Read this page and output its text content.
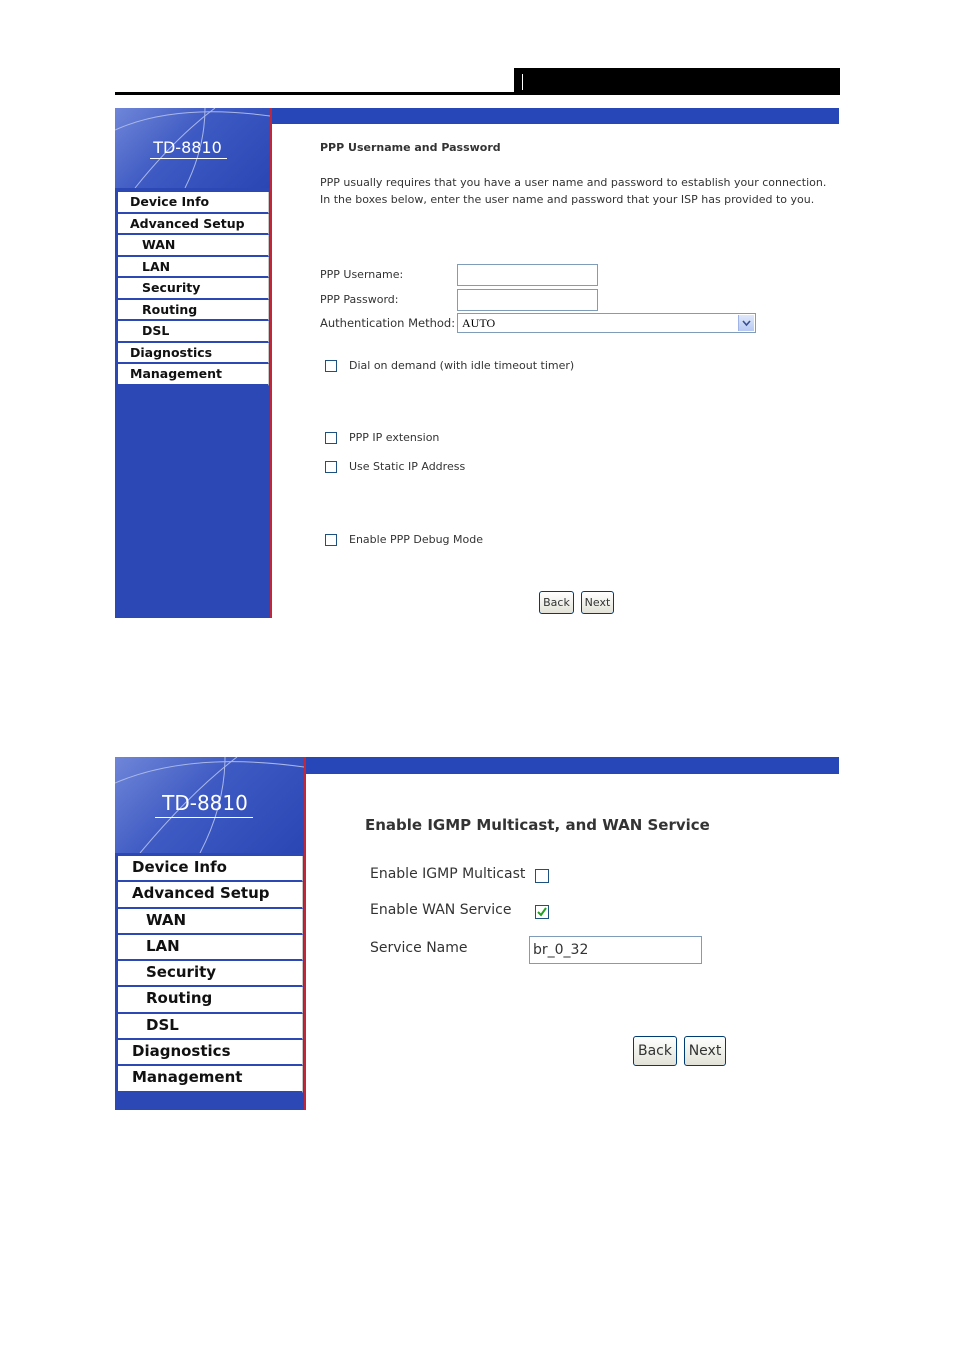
TD-8810
Device Info
Advanced Setup
WAN
LAN
Security
Routing
DSL
Diagnostics
Management
PPP Username and Password
PPP usually requires that you have a user name and password to establish your connection.
In the boxes below, enter the user name and password that your ISP has provided to you.
PPP Username:
PPP Password:
Authentication Method: AUTO
Dial on demand (with idle timeout timer)
PPP IP extension
Use Static IP Address
Enable PPP Debug Mode
Back	Next
TD-8810
Device Info
Advanced Setup
WAN
LAN
Security
Routing
DSL
Diagnostics
Management
Enable IGMP Multicast, and WAN Service
Enable IGMP Multicast
Enable WAN Service
Service Name	br_0_32
Back	Next
